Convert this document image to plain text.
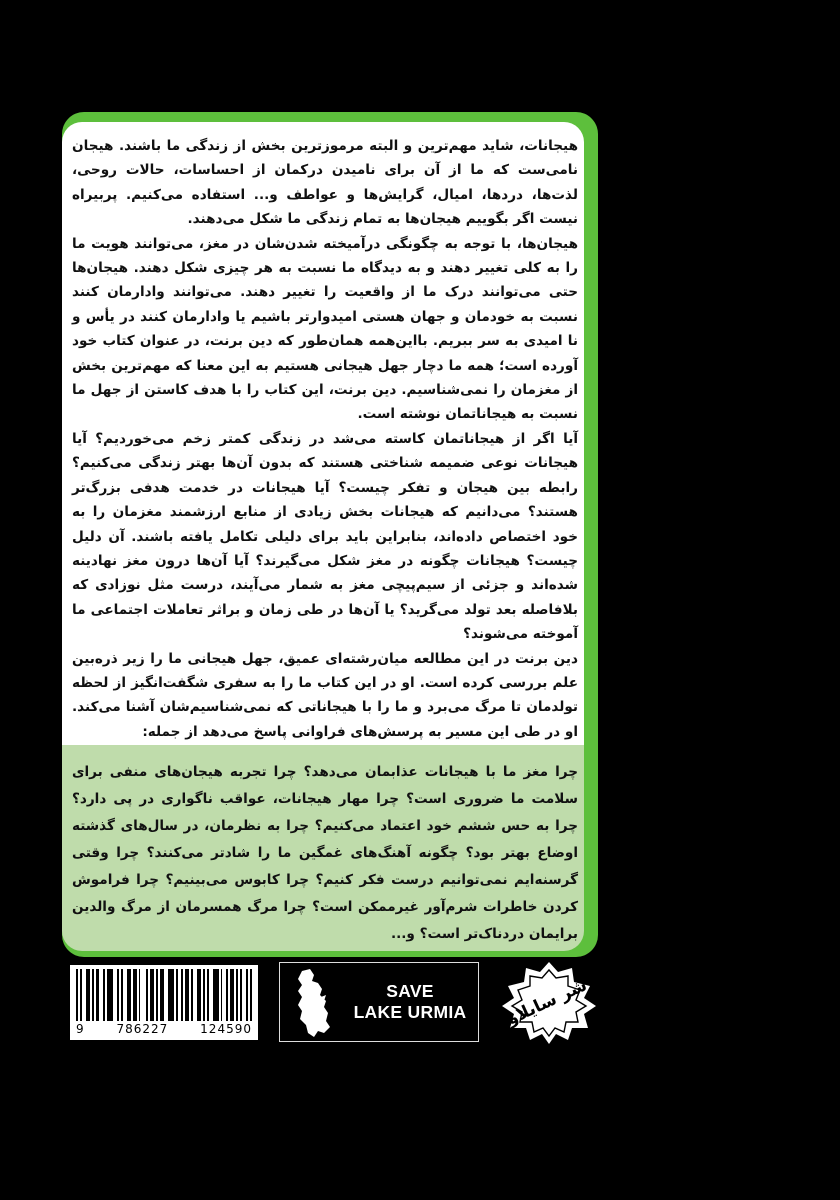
هیجانات، شاید مهم‌ترین و البته مرموزترین بخش از زندگی ما باشند. هیجان نامی‌ست که ما از آن برای نامیدن درکمان از احساسات، حالات روحی، لذت‌ها، دردها، امیال، گرایش‌ها و عواطف و... استفاده می‌کنیم. پربیراه نیست اگر بگوییم هیجان‌ها به تمام زندگی ما شکل می‌دهند.

هیجان‌ها، با توجه به چگونگی درآمیخته شدن‌شان در مغز، می‌توانند هویت ما را به کلی تغییر دهند و به دیدگاه ما نسبت به هر چیزی شکل دهند. هیجان‌ها حتی می‌توانند درک ما از واقعیت را تغییر دهند. می‌توانند وادارمان کنند نسبت به خودمان و جهان هستی امیدوارتر باشیم یا وادارمان کنند در یأس و نا امیدی به سر ببریم. بااین‌همه همان‌طور که دین برنت، در عنوان کتاب خود آورده است؛ همه ما دچار جهل هیجانی هستیم به این معنا که مهم‌ترین بخش از مغزمان را نمی‌شناسیم. دین برنت، این کتاب را با هدف کاستن از جهل ما نسبت به هیجاناتمان نوشته است.

آیا اگر از هیجاناتمان کاسته می‌شد در زندگی کمتر زخم می‌خوردیم؟ آیا هیجانات نوعی ضمیمه شناختی هستند که بدون آن‌ها بهتر زندگی می‌کنیم؟ رابطه بین هیجان و تفکر چیست؟ آیا هیجانات در خدمت هدفی بزرگ‌تر هستند؟ می‌دانیم که هیجانات بخش زیادی از منابع ارزشمند مغزمان را به خود اختصاص داده‌اند، بنابراین باید برای دلیلی تکامل یافته باشند. آن دلیل چیست؟ هیجانات چگونه در مغز شکل می‌گیرند؟ آیا آن‌ها درون مغز نهادینه شده‌اند و جزئی از سیم‌پیچی مغز به شمار می‌آیند، درست مثل نوزادی که بلافاصله بعد تولد می‌گرید؟ یا آن‌ها در طی زمان و براثر تعاملات اجتماعی ما آموخته می‌شوند؟

دین برنت در این مطالعه میان‌رشته‌ای عمیق، جهل هیجانی ما را زیر ذره‌بین علم بررسی کرده است. او در این کتاب ما را به سفری شگفت‌انگیز از لحظه تولدمان تا مرگ می‌برد و ما را با هیجاناتی که نمی‌شناسیم‌شان آشنا می‌کند. او در طی این مسیر به پرسش‌های فراوانی پاسخ می‌دهد از جمله:

چرا مغز ما با هیجانات عذابمان می‌دهد؟ چرا تجربه هیجان‌های منفی برای سلامت ما ضروری است؟ چرا مهار هیجانات، عواقب ناگواری در پی دارد؟ چرا به حس ششم خود اعتماد می‌کنیم؟ چرا به نظرمان، در سال‌های گذشته اوضاع بهتر بود؟ چگونه آهنگ‌های غمگین ما را شادتر می‌کنند؟ چرا وقتی گرسنه‌ایم نمی‌توانیم درست فکر کنیم؟ چرا کابوس می‌بینیم؟ چرا فراموش کردن خاطرات شرم‌آور غیرممکن است؟ چرا مرگ همسرمان از مرگ والدین برایمان دردناک‌تر است؟ و...
9	786227	124590
SAVE
LAKE URMIA	شر سایلاو
